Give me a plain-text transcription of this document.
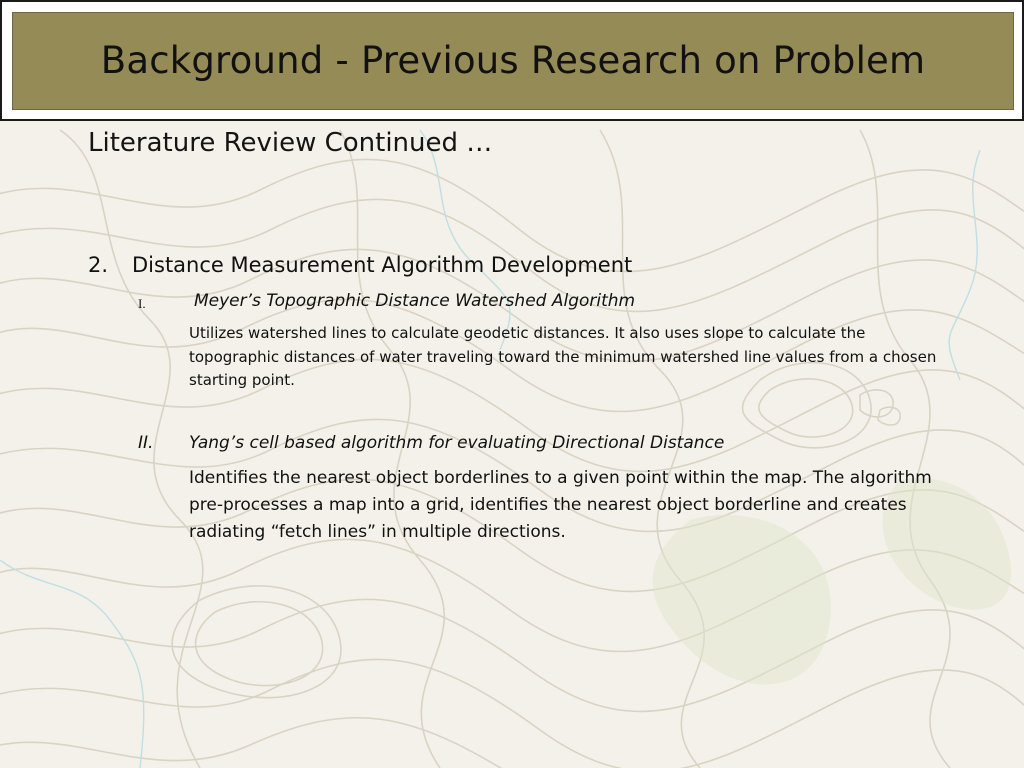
Background - Previous Research on Problem
Literature Review Continued …
2. Distance Measurement Algorithm Development
I.	Meyer’s Topographic Distance Watershed Algorithm
Utilizes watershed lines to calculate geodetic distances. It also uses slope to calculate the topographic distances of water traveling toward the minimum watershed line values from a chosen starting point.
II. Yang’s cell based algorithm for evaluating Directional Distance
Identifies the nearest object borderlines to a given point within the map. The algorithm pre-processes a map into a grid, identifies the nearest object borderline and creates radiating “fetch lines” in multiple directions.
